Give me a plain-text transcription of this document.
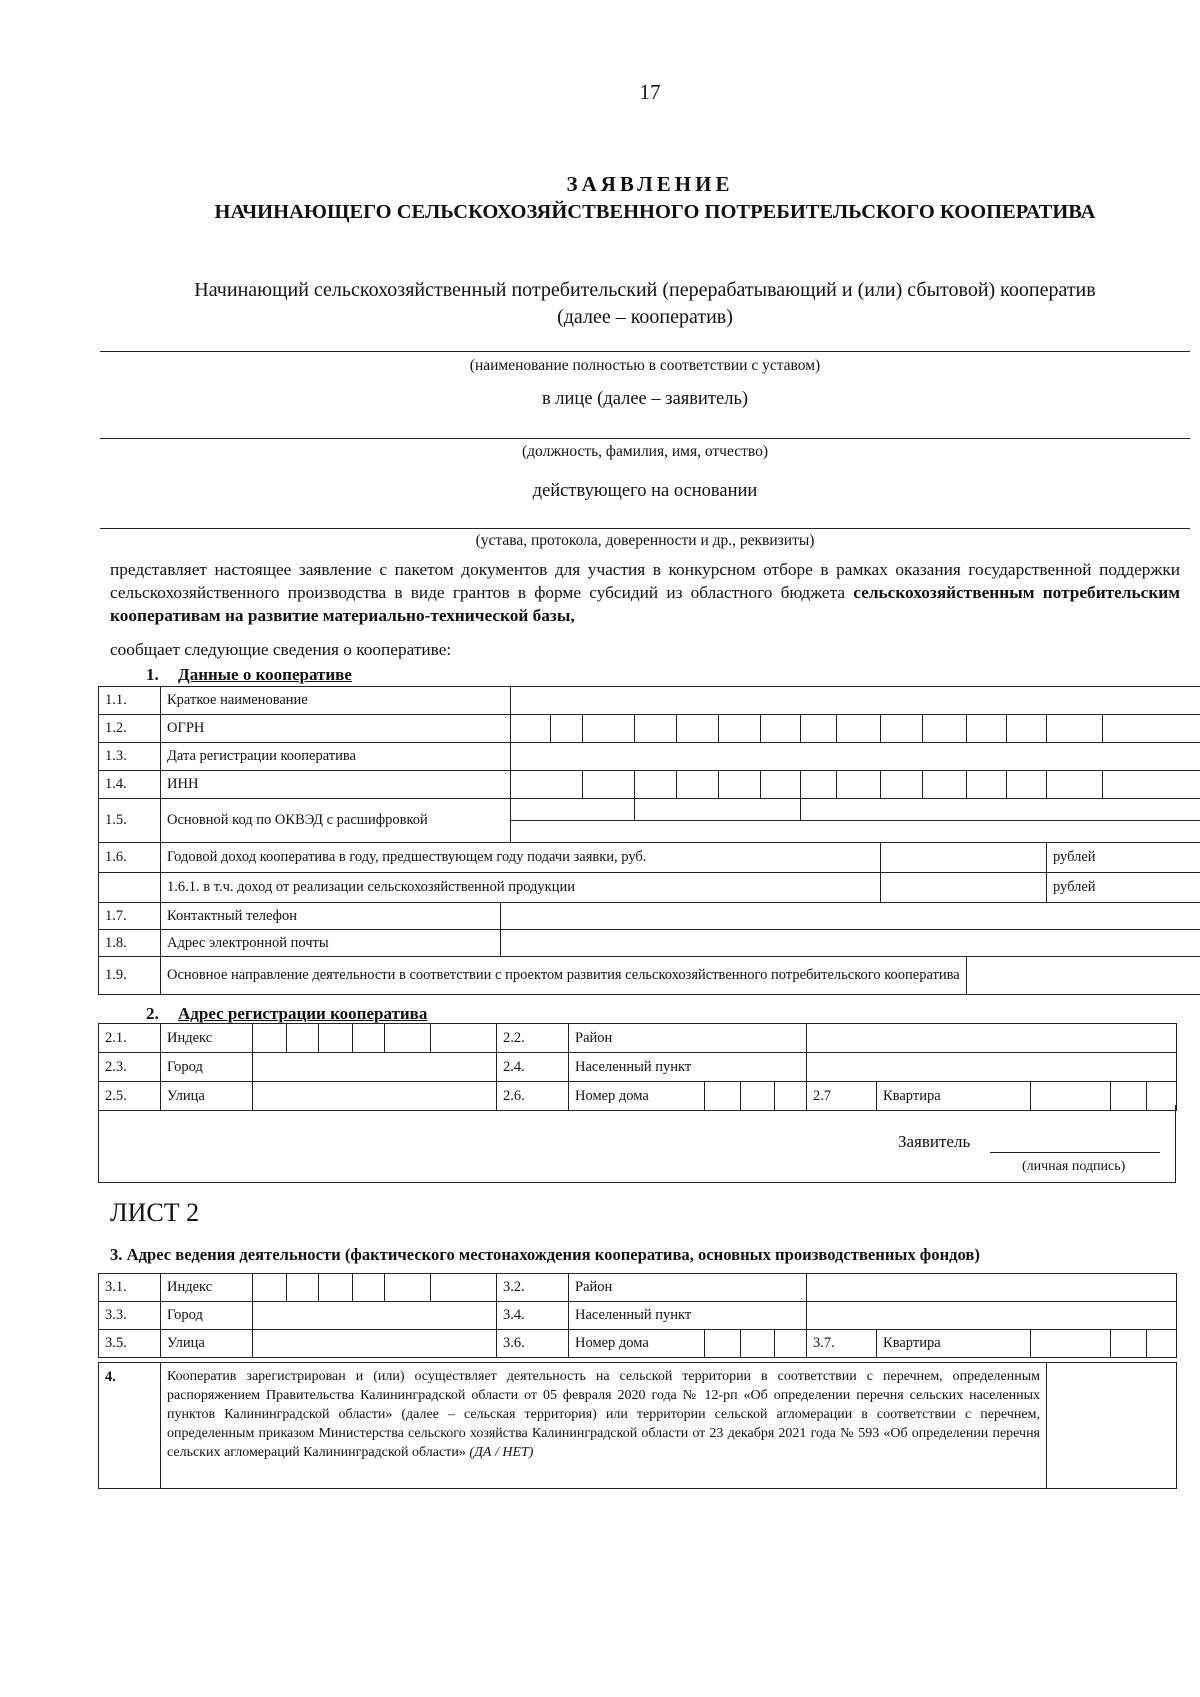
17
ЗАЯВЛЕНИЕ
НАЧИНАЮЩЕГО СЕЛЬСКОХОЗЯЙСТВЕННОГО ПОТРЕБИТЕЛЬСКОГО КООПЕРАТИВА
Начинающий сельскохозяйственный потребительский (перерабатывающий и (или) сбытовой) кооператив
(далее – кооператив)
(наименование полностью в соответствии с уставом)
в лице (далее – заявитель)
(должность, фамилия, имя, отчество)
действующего на основании
(устава, протокола, доверенности и др., реквизиты)
представляет настоящее заявление с пакетом документов для участия в конкурсном отборе в рамках оказания государственной поддержки сельскохозяйственного производства в виде грантов в форме субсидий из областного бюджета сельскохозяйственным потребительским кооперативам на развитие материально-технической базы,
сообщает следующие сведения о кооперативе:
1. Данные о кооперативе
1.1.	Краткое наименование																
1.2.	ОГРН																
1.3.	Дата регистрации кооператива																
1.4.	ИНН																
1.5.	Основной код по ОКВЭД с расшифровкой																

1.6.	Годовой доход кооператива в году, предшествующем году подачи заявки, руб.															рублей	
	1.6.1. в т.ч. доход от реализации сельскохозяйственной продукции															рублей	
1.7.	Контактный телефон																
1.8.	Адрес электронной почты																
1.9.	Основное направление деятельности в соответствии с проектом развития сельскохозяйственного потребительского кооператива																
2. Адрес регистрации кооператива
2.1.	Индекс							2.2.	Район								
2.3.	Город							2.4.	Населенный пункт								
2.5.	Улица							2.6.	Номер дома				2.7	Квартира			
Заявитель
(личная подпись)
ЛИСТ 2
3. Адрес ведения деятельности (фактического местонахождения кооператива, основных производственных фондов)
3.1.	Индекс							3.2.	Район								
3.3.	Город							3.4.	Населенный пункт								
3.5.	Улица							3.6.	Номер дома				3.7.	Квартира			
4.	Кооператив зарегистрирован и (или) осуществляет деятельность на сельской территории в соответствии с перечнем, определенным распоряжением Правительства Калининградской области от 05 февраля 2020 года № 12-рп «Об определении перечня сельских населенных пунктов Калининградской области» (далее – сельская территория) или территории сельской агломерации в соответствии с перечнем, определенным приказом Министерства сельского хозяйства Калининградской области от 23 декабря 2021 года № 593 «Об определении перечня сельских агломераций Калининградской области» (ДА / НЕТ)	
